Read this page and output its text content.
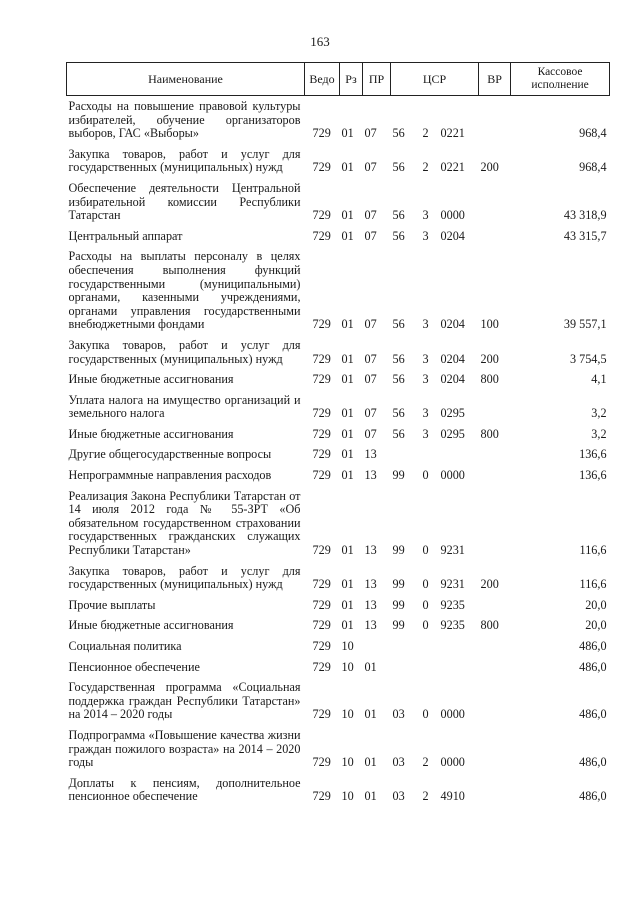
163
Наименование	Ведо	Рз	ПР	ЦСР			ВР	Кассовое исполнение
Расходы на повышение правовой культуры избирателей, обучение организаторов выборов, ГАС «Выборы»	729	01	07	56	2	0221		968,4
Закупка товаров, работ и услуг для государственных (муниципальных) нужд	729	01	07	56	2	0221	200	968,4
Обеспечение деятельности Центральной избирательной комиссии Республики Татарстан	729	01	07	56	3	0000		43 318,9
Центральный аппарат	729	01	07	56	3	0204		43 315,7
Расходы на выплаты персоналу в целях обеспечения выполнения функций государственными (муниципальными) органами, казенными учреждениями, органами управления государственными внебюджетными фондами	729	01	07	56	3	0204	100	39 557,1
Закупка товаров, работ и услуг для государственных (муниципальных) нужд	729	01	07	56	3	0204	200	3 754,5
Иные бюджетные ассигнования	729	01	07	56	3	0204	800	4,1
Уплата налога на имущество организаций и земельного налога	729	01	07	56	3	0295		3,2
Иные бюджетные ассигнования	729	01	07	56	3	0295	800	3,2
Другие общегосударственные вопросы	729	01	13					136,6
Непрограммные направления расходов	729	01	13	99	0	0000		136,6
Реализация Закона Республики Татарстан от 14 июля 2012 года № 55-ЗРТ «Об обязательном государственном страховании государственных гражданских служащих Республики Татарстан»	729	01	13	99	0	9231		116,6
Закупка товаров, работ и услуг для государственных (муниципальных) нужд	729	01	13	99	0	9231	200	116,6
Прочие выплаты	729	01	13	99	0	9235		20,0
Иные бюджетные ассигнования	729	01	13	99	0	9235	800	20,0
Социальная политика	729	10						486,0
Пенсионное обеспечение	729	10	01					486,0
Государственная программа «Социальная поддержка граждан Республики Татарстан» на 2014 – 2020 годы	729	10	01	03	0	0000		486,0
Подпрограмма «Повышение качества жизни граждан пожилого возраста» на 2014 – 2020 годы	729	10	01	03	2	0000		486,0
Доплаты к пенсиям, дополнительное пенсионное обеспечение	729	10	01	03	2	4910		486,0
